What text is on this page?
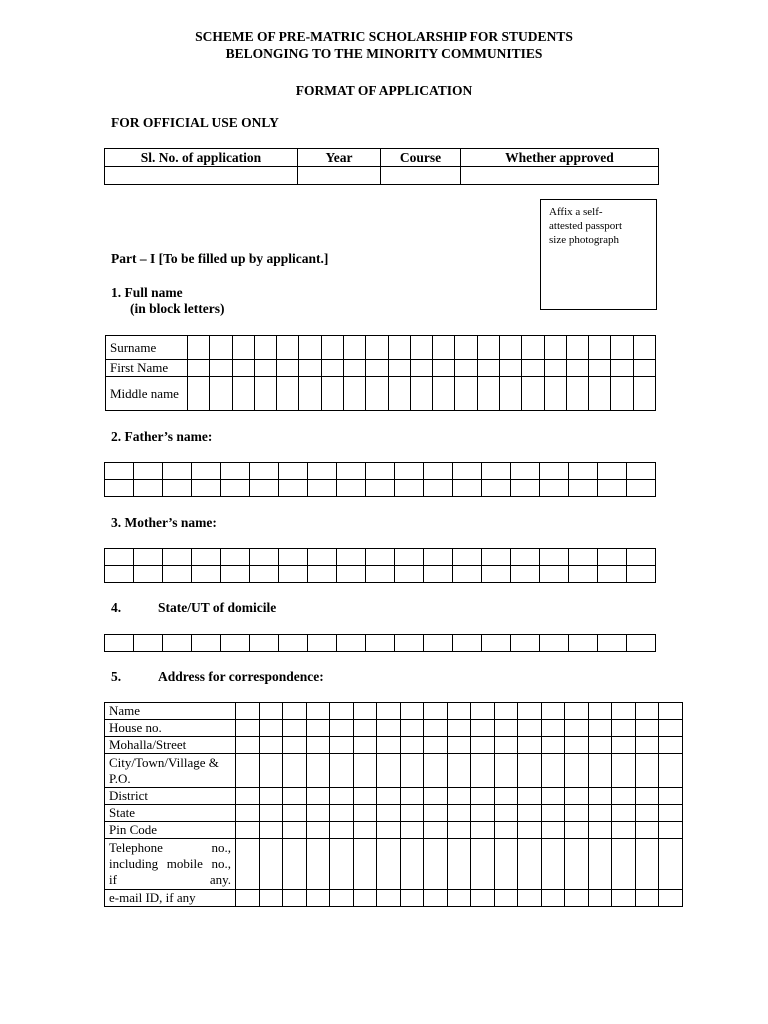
SCHEME OF PRE-MATRIC SCHOLARSHIP FOR STUDENTS
BELONGING TO THE MINORITY COMMUNITIES
FORMAT OF APPLICATION
FOR OFFICIAL USE ONLY
Sl. No. of application	Year	Course	Whether approved

Affix a self-
attested passport
size photograph
Part – I [To be filled up by applicant.]
1. Full name
(in block letters)
Surname																					
First Name																					
Middle name																					
2. Father’s name:

3. Mother’s name:

4.	State/UT of domicile

5.	Address for correspondence:
Name																			
House no.																			
Mohalla/Street																			
City/Town/Village & P.O.																			
District																			
State																			
Pin Code																			
Telephone no., including mobile no., if any.																			
e-mail ID, if any																			
